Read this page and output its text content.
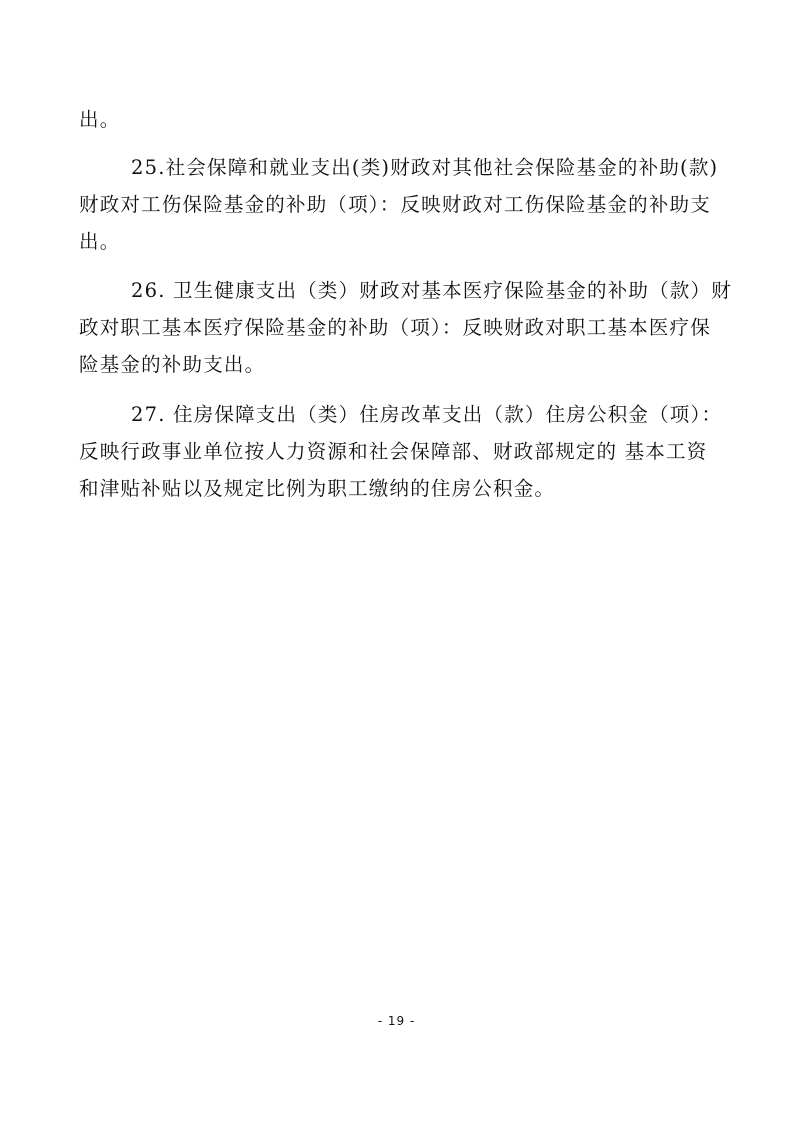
出。
25.社会保障和就业支出(类)财政对其他社会保险基金的补助(款)
财政对工伤保险基金的补助（项）：反映财政对工伤保险基金的补助支
出。
26. 卫生健康支出（类）财政对基本医疗保险基金的补助（款）财
政对职工基本医疗保险基金的补助（项）：反映财政对职工基本医疗保
险基金的补助支出。
27. 住房保障支出（类）住房改革支出（款）住房公积金（项）：
反映行政事业单位按人力资源和社会保障部、财政部规定的 基本工资
和津贴补贴以及规定比例为职工缴纳的住房公积金。
- 19 -
